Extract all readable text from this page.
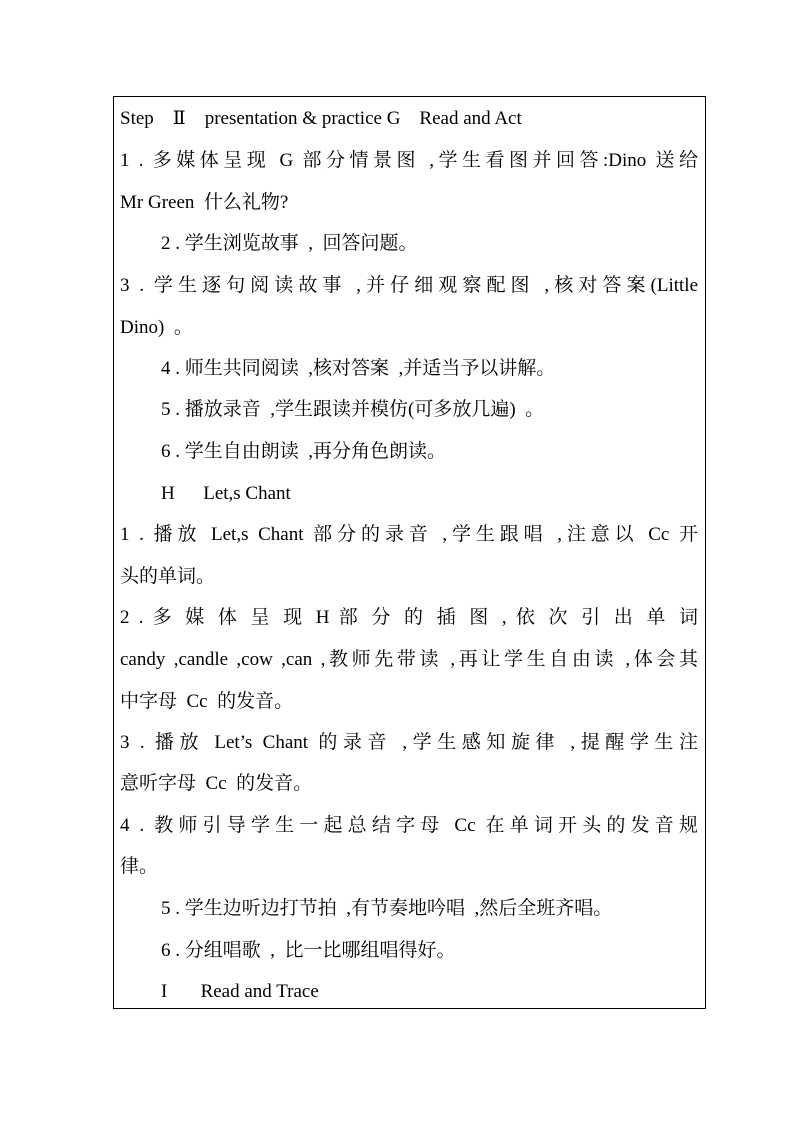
Step    Ⅱ    presentation & practice G    Read and Act
1 . 多媒体呈现 G 部分情景图 ,学生看图并回答:Dino 送给
Mr Green  什么礼物?
2 . 学生浏览故事  ,  回答问题。
3 . 学生逐句阅读故事 ,并仔细观察配图 ,核对答案(Little
Dino)  。
4 . 师生共同阅读  ,核对答案  ,并适当予以讲解。
5 . 播放录音  ,学生跟读并模仿(可多放几遍)  。
6 . 学生自由朗读  ,再分角色朗读。
H      Let,s Chant
1 . 播放 Let,s Chant 部分的录音 ,学生跟唱 ,注意以 Cc 开
头的单词。
2 . 多 媒 体 呈 现 H 部 分 的 插 图 , 依 次 引 出 单 词
candy ,candle ,cow ,can ,教师先带读 ,再让学生自由读 ,体会其
中字母  Cc  的发音。
3 . 播放 Let’s Chant 的录音 ,学生感知旋律 ,提醒学生注
意听字母  Cc  的发音。
4 . 教师引导学生一起总结字母 Cc 在单词开头的发音规
律。
5 . 学生边听边打节拍  ,有节奏地吟唱  ,然后全班齐唱。
6 . 分组唱歌  ,  比一比哪组唱得好。
I       Read and Trace
